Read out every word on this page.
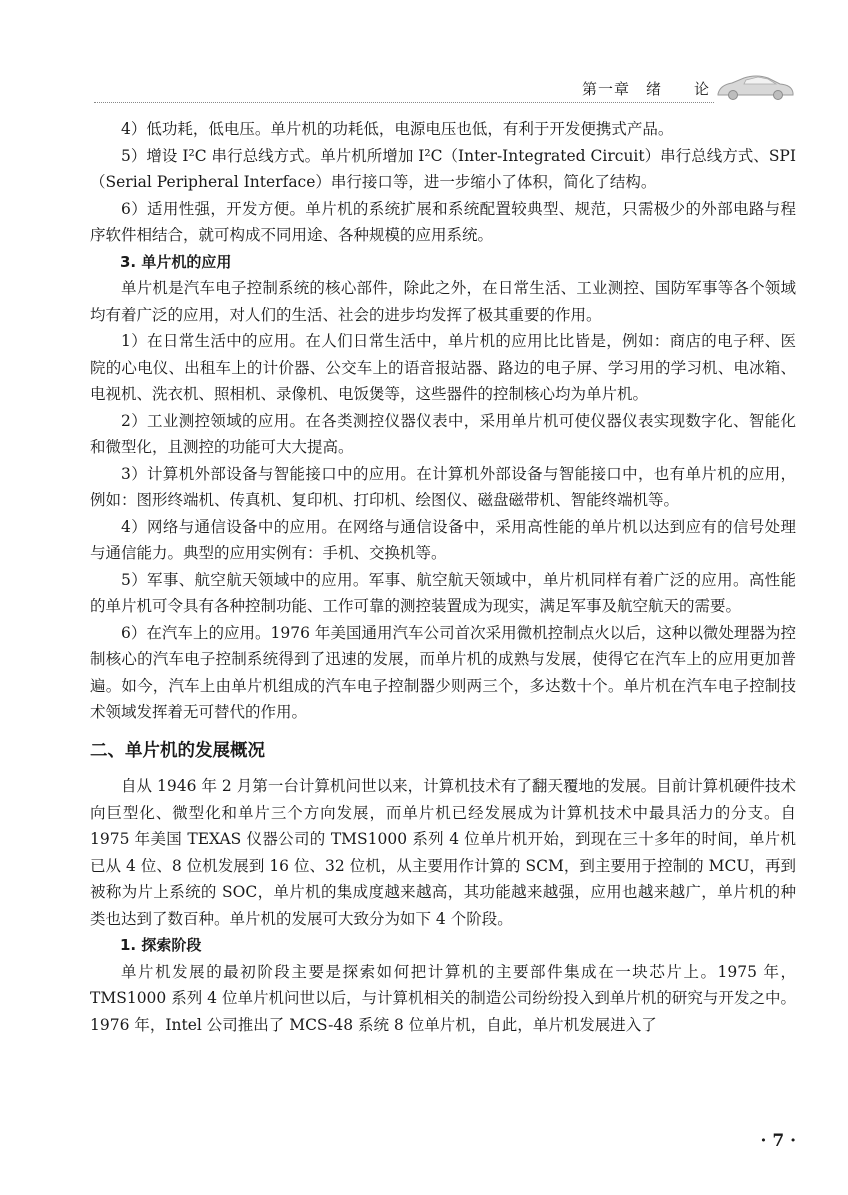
第一章　绪　　论

4）低功耗，低电压。单片机的功耗低，电源电压也低，有利于开发便携式产品。

5）增设 I²C 串行总线方式。单片机所增加 I²C（Inter-Integrated Circuit）串行总线方式、SPI（Serial Peripheral Interface）串行接口等，进一步缩小了体积，简化了结构。

6）适用性强，开发方便。单片机的系统扩展和系统配置较典型、规范，只需极少的外部电路与程序软件相结合，就可构成不同用途、各种规模的应用系统。

3. 单片机的应用

单片机是汽车电子控制系统的核心部件，除此之外，在日常生活、工业测控、国防军事等各个领域均有着广泛的应用，对人们的生活、社会的进步均发挥了极其重要的作用。

1）在日常生活中的应用。在人们日常生活中，单片机的应用比比皆是，例如：商店的电子秤、医院的心电仪、出租车上的计价器、公交车上的语音报站器、路边的电子屏、学习用的学习机、电冰箱、电视机、洗衣机、照相机、录像机、电饭煲等，这些器件的控制核心均为单片机。

2）工业测控领域的应用。在各类测控仪器仪表中，采用单片机可使仪器仪表实现数字化、智能化和微型化，且测控的功能可大大提高。

3）计算机外部设备与智能接口中的应用。在计算机外部设备与智能接口中，也有单片机的应用，例如：图形终端机、传真机、复印机、打印机、绘图仪、磁盘磁带机、智能终端机等。

4）网络与通信设备中的应用。在网络与通信设备中，采用高性能的单片机以达到应有的信号处理与通信能力。典型的应用实例有：手机、交换机等。

5）军事、航空航天领域中的应用。军事、航空航天领域中，单片机同样有着广泛的应用。高性能的单片机可令具有各种控制功能、工作可靠的测控装置成为现实，满足军事及航空航天的需要。

6）在汽车上的应用。1976 年美国通用汽车公司首次采用微机控制点火以后，这种以微处理器为控制核心的汽车电子控制系统得到了迅速的发展，而单片机的成熟与发展，使得它在汽车上的应用更加普遍。如今，汽车上由单片机组成的汽车电子控制器少则两三个，多达数十个。单片机在汽车电子控制技术领域发挥着无可替代的作用。

二、单片机的发展概况

自从 1946 年 2 月第一台计算机问世以来，计算机技术有了翻天覆地的发展。目前计算机硬件技术向巨型化、微型化和单片三个方向发展，而单片机已经发展成为计算机技术中最具活力的分支。自 1975 年美国 TEXAS 仪器公司的 TMS1000 系列 4 位单片机开始，到现在三十多年的时间，单片机已从 4 位、8 位机发展到 16 位、32 位机，从主要用作计算的 SCM，到主要用于控制的 MCU，再到被称为片上系统的 SOC，单片机的集成度越来越高，其功能越来越强，应用也越来越广，单片机的种类也达到了数百种。单片机的发展可大致分为如下 4 个阶段。

1. 探索阶段

单片机发展的最初阶段主要是探索如何把计算机的主要部件集成在一块芯片上。1975 年，TMS1000 系列 4 位单片机问世以后，与计算机相关的制造公司纷纷投入到单片机的研究与开发之中。1976 年，Intel 公司推出了 MCS-48 系统 8 位单片机，自此，单片机发展进入了

· 7 ·
